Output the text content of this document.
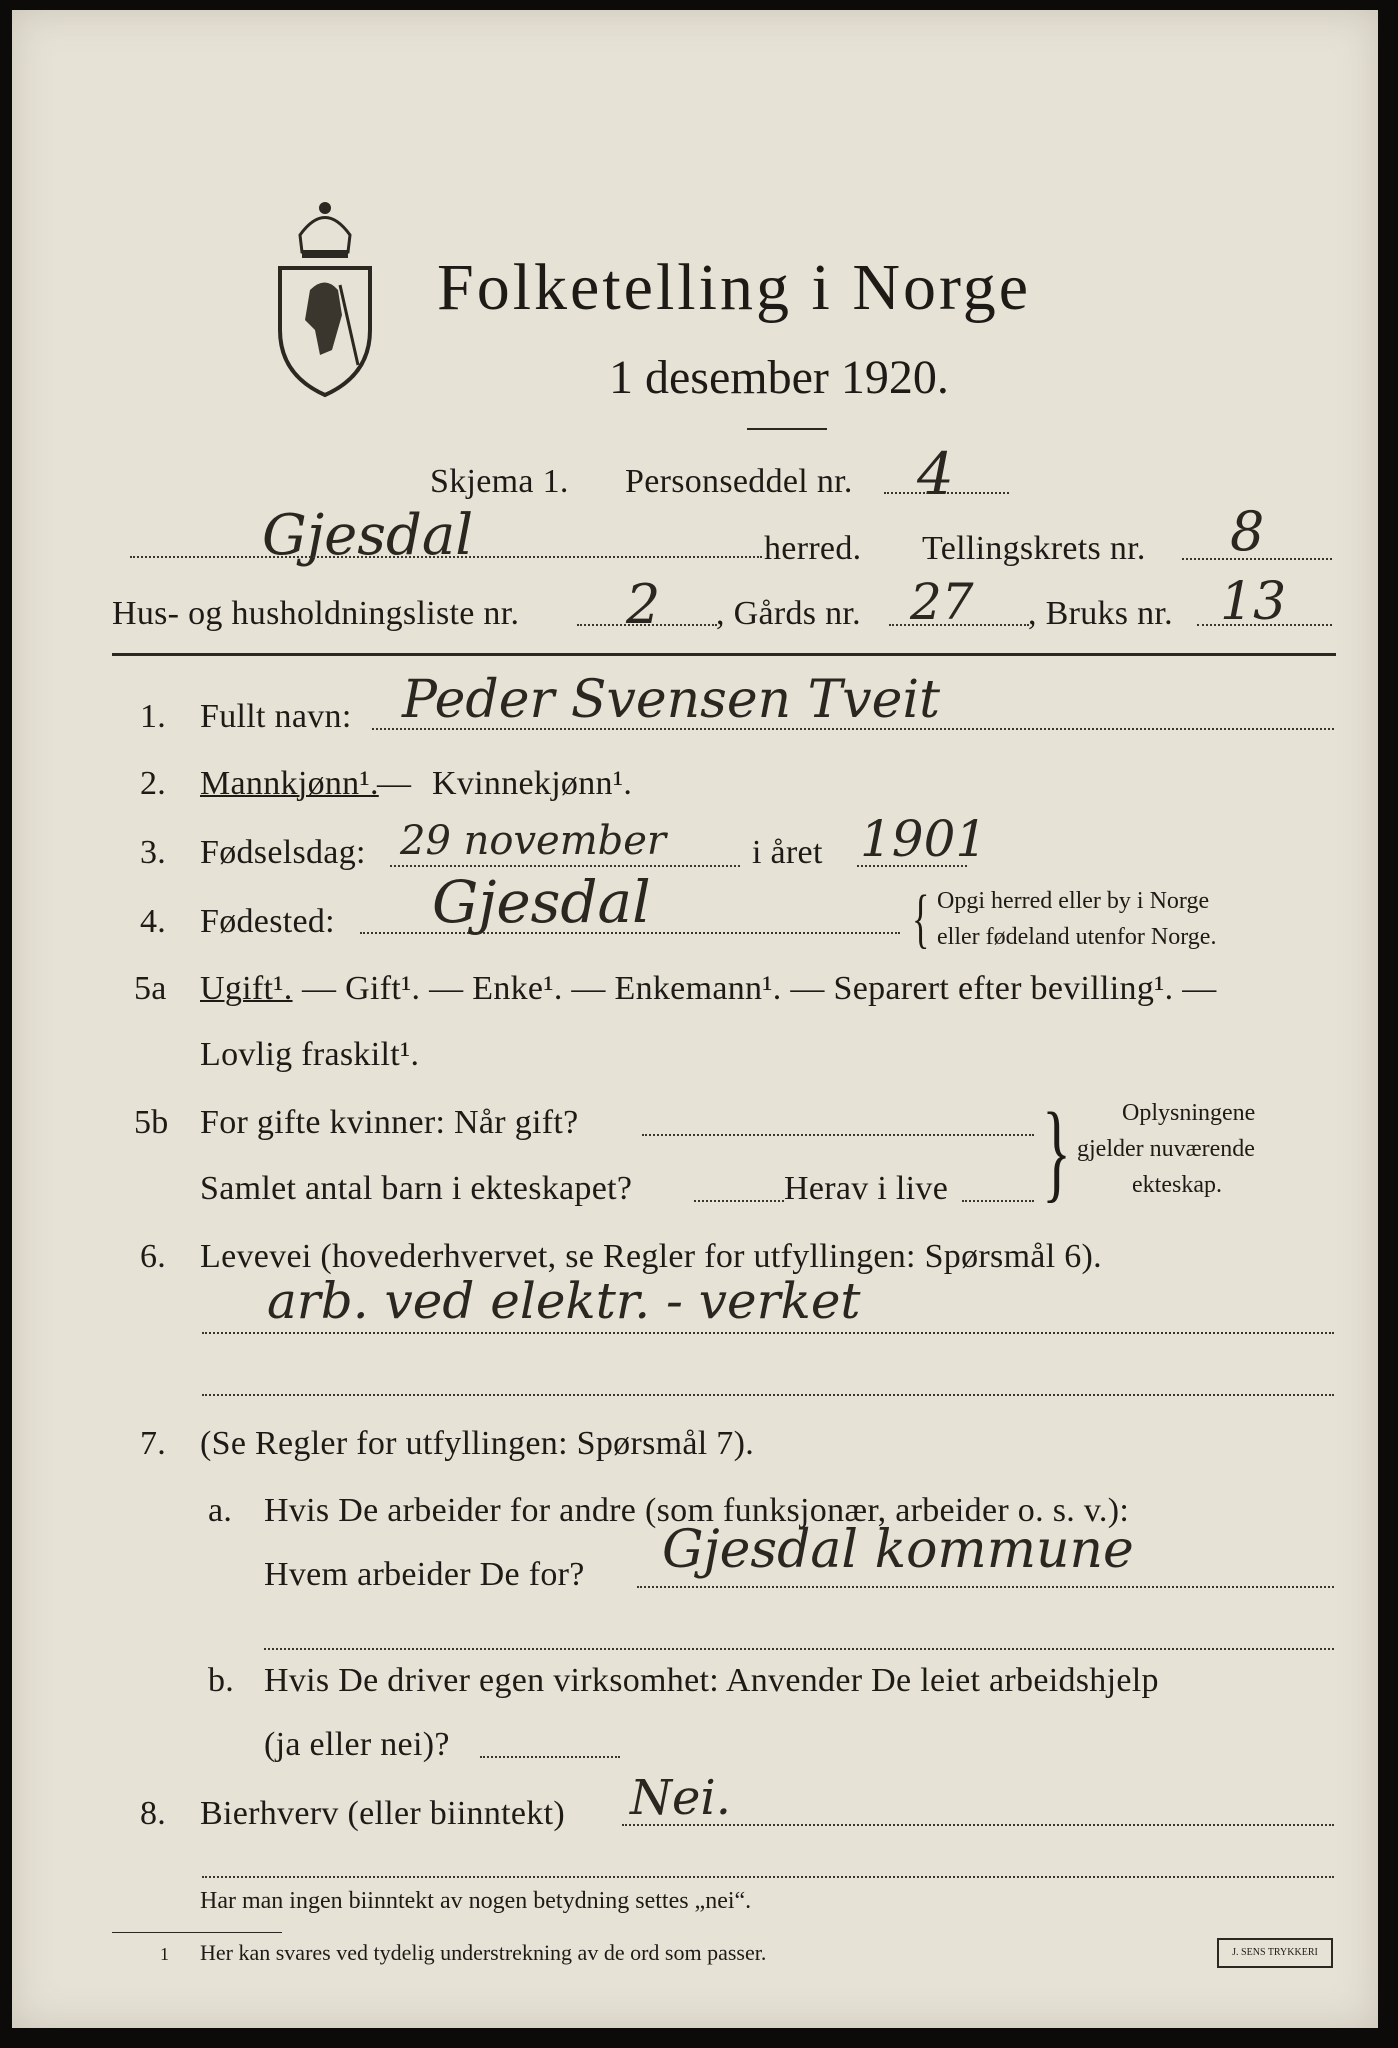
Folketelling i Norge
1 desember 1920.
Skjema 1. Personseddel nr. 4
Gjesdal	herred. Tellingskrets nr. 8
Hus- og husholdningsliste nr. 2 , Gårds nr. 27 , Bruks nr. 13
1. Fullt navn: Peder Svensen Tveit
2. Mannkjønn¹.
— Kvinnekjønn¹.
3. Fødselsdag: 29 november	i året 1901
4. Fødested: Gjesdal	{ Opgi herred eller by i Norge
eller fødeland utenfor Norge.
5a Ugift¹. — Gift¹. — Enke¹. — Enkemann¹. — Separert efter bevilling¹. —
Lovlig fraskilt¹.
5b For gifte kvinner: Når gift?
Samlet antal barn i ekteskapet?	Herav i live } Oplysningene
gjelder nuværende
ekteskap.
6. Levevei (hovederhvervet, se Regler for utfyllingen: Spørsmål 6).
arb. ved elektr. - verket
7. (Se Regler for utfyllingen: Spørsmål 7).
a. Hvis De arbeider for andre (som funksjonær, arbeider o. s. v.):
Hvem arbeider De for? Gjesdal kommune
b. Hvis De driver egen virksomhet: Anvender De leiet arbeidshjelp
(ja eller nei)?
8. Bierhverv (eller biinntekt) Nei.
Har man ingen biinntekt av nogen betydning settes „nei“.
1 Her kan svares ved tydelig understrekning av de ord som passer.	J. SENS TRYKKERI
